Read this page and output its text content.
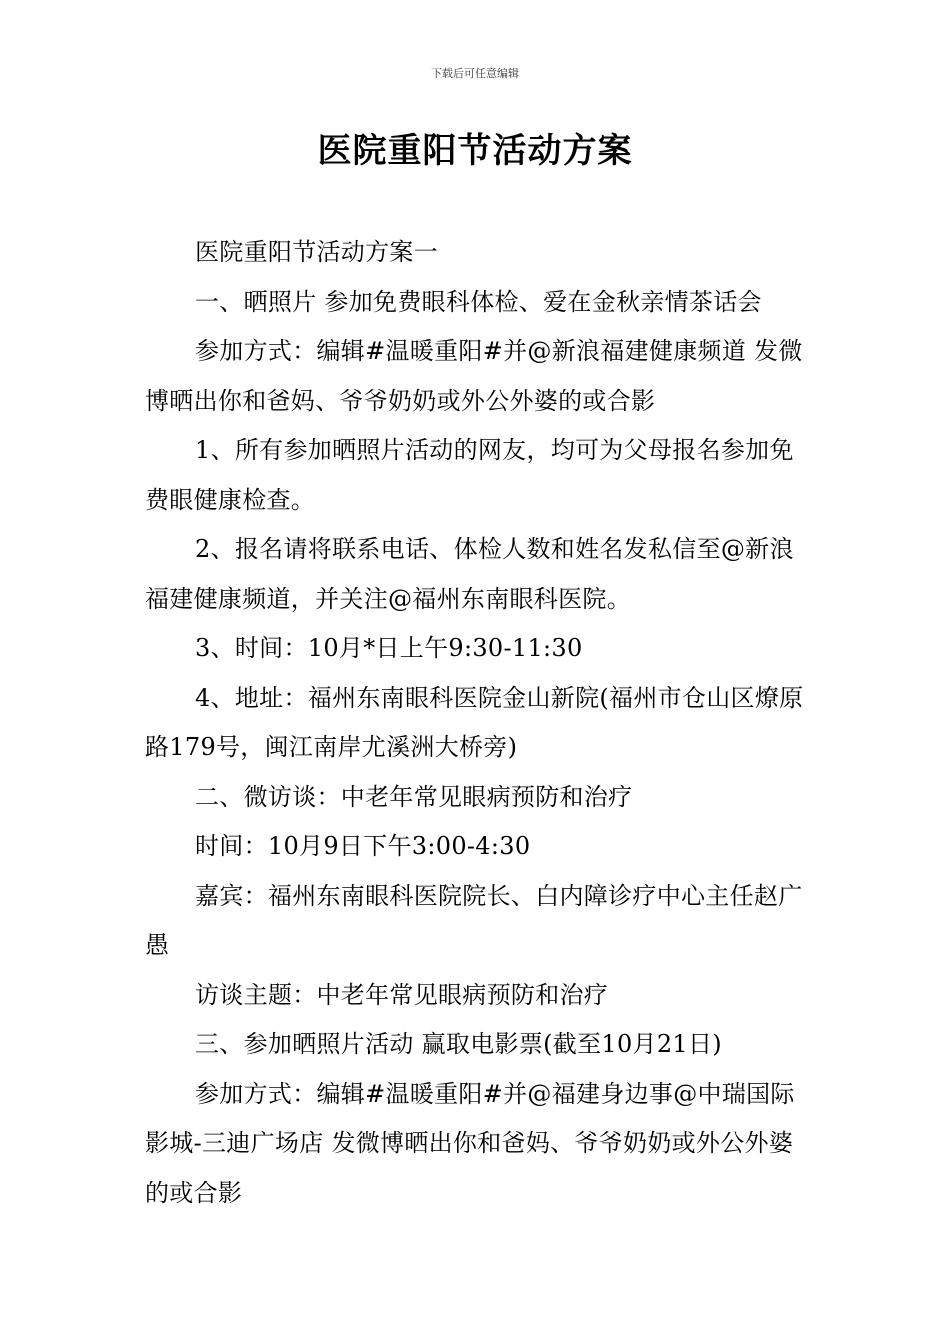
下载后可任意编辑
医院重阳节活动方案

医院重阳节活动方案一

一、晒照片 参加免费眼科体检、爱在金秋亲情茶话会

参加方式：编辑#温暖重阳#并@新浪福建健康频道 发微博晒出你和爸妈、爷爷奶奶或外公外婆的或合影

1、所有参加晒照片活动的网友，均可为父母报名参加免费眼健康检查。

2、报名请将联系电话、体检人数和姓名发私信至@新浪福建健康频道，并关注@福州东南眼科医院。

3、时间：10月*日上午9:30-11:30

4、地址：福州东南眼科医院金山新院(福州市仓山区燎原路179号，闽江南岸尤溪洲大桥旁)

二、微访谈：中老年常见眼病预防和治疗

时间：10月9日下午3:00-4:30

嘉宾：福州东南眼科医院院长、白内障诊疗中心主任赵广愚

访谈主题：中老年常见眼病预防和治疗

三、参加晒照片活动 赢取电影票(截至10月21日)

参加方式：编辑#温暖重阳#并@福建身边事@中瑞国际影城-三迪广场店 发微博晒出你和爸妈、爷爷奶奶或外公外婆的或合影
